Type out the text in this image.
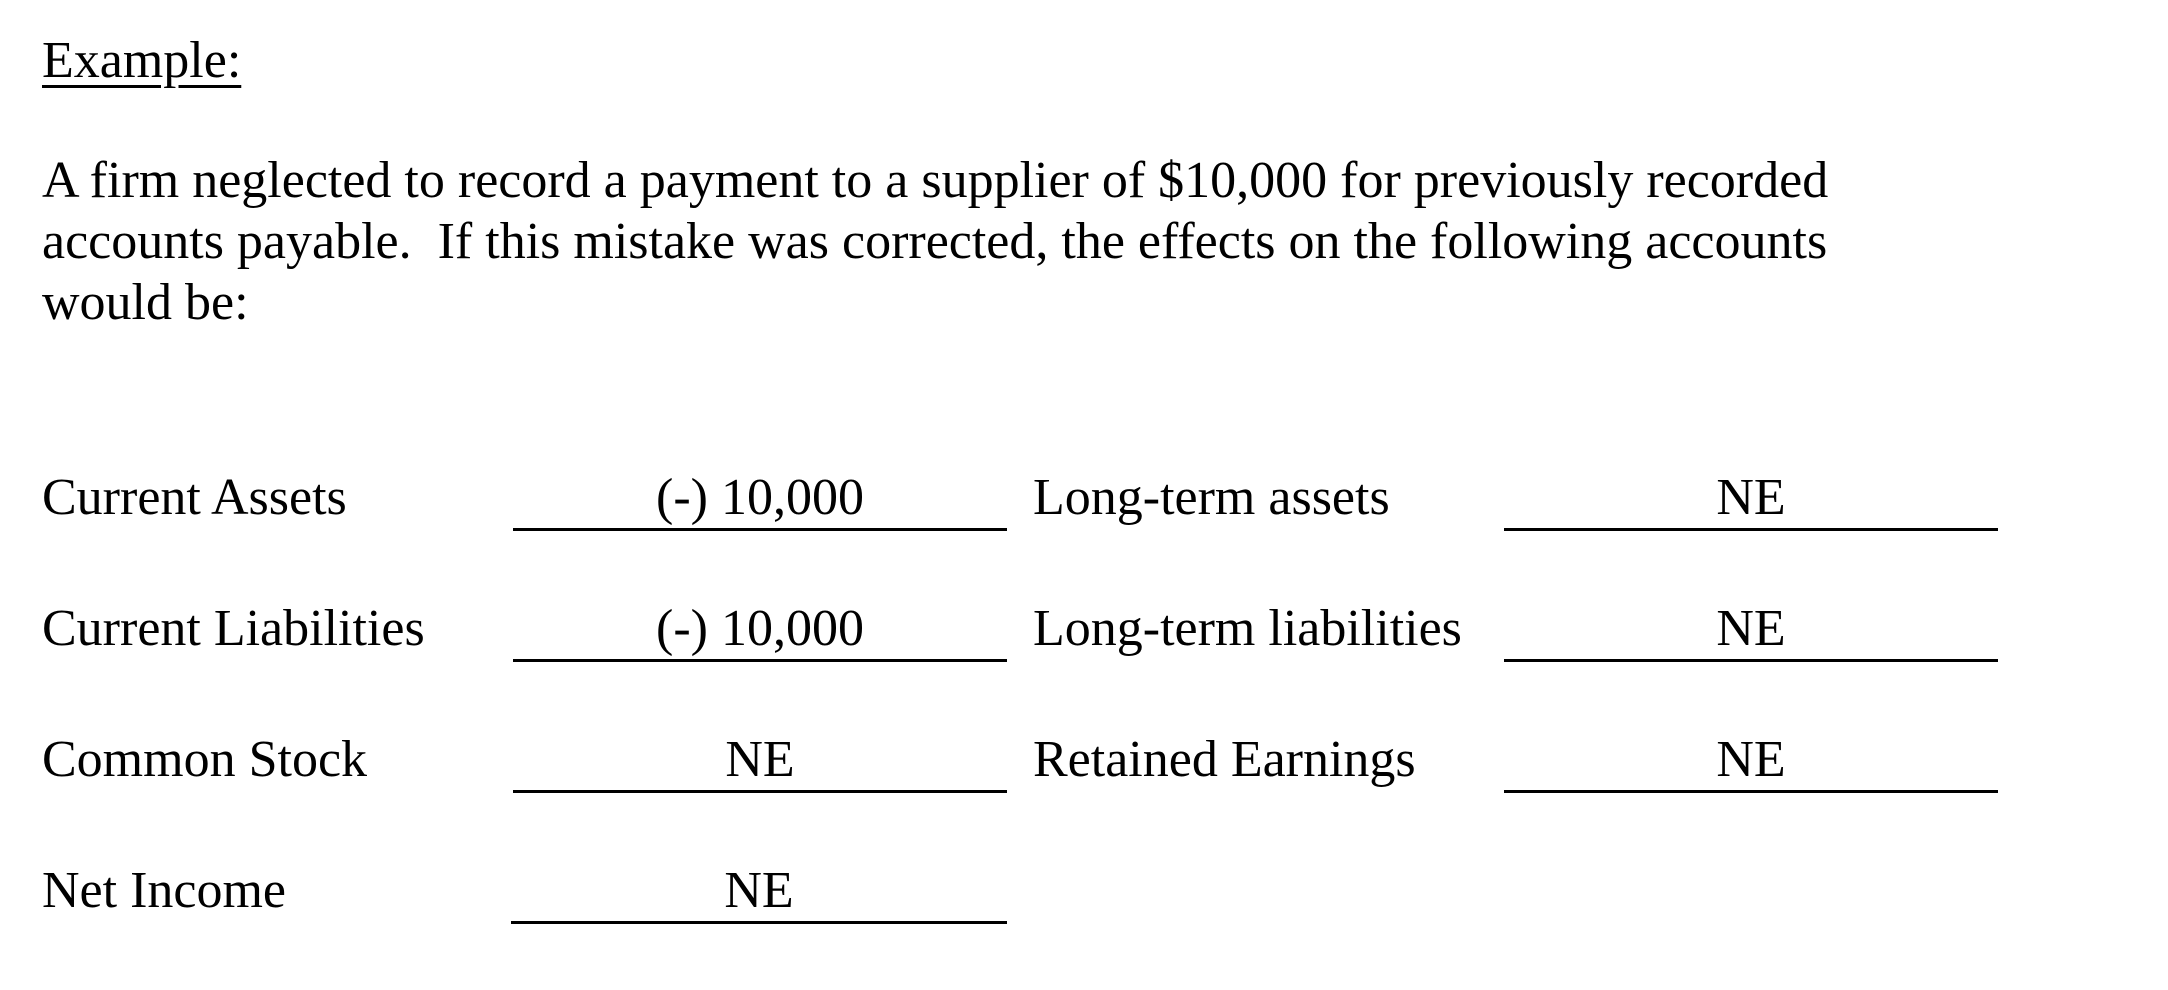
Example:

A firm neglected to record a payment to a supplier of $10,000 for previously recorded
accounts payable.  If this mistake was corrected, the effects on the following accounts
would be:

Current Assets	(-) 10,000	Long-term assets	NE
Current Liabilities	(-) 10,000	Long-term liabilities	NE
Common Stock	NE	Retained Earnings	NE
Net Income	NE
